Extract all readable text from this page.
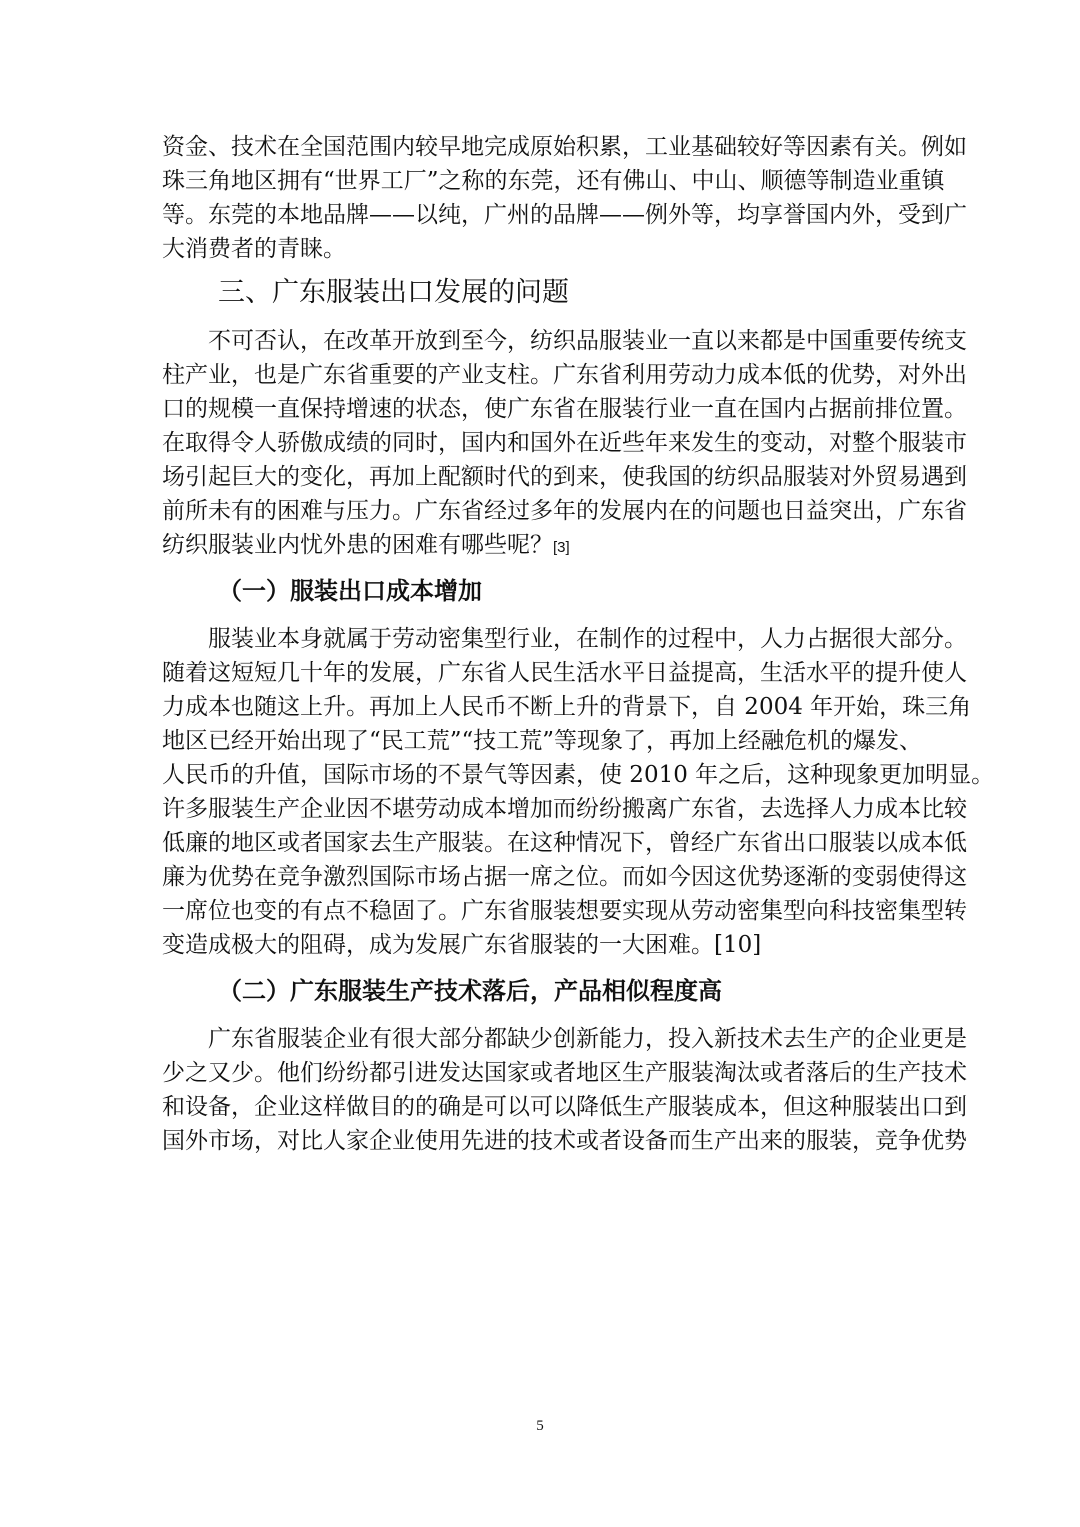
资金、技术在全国范围内较早地完成原始积累，工业基础较好等因素有关。例如
珠三角地区拥有“世界工厂”之称的东莞，还有佛山、中山、顺德等制造业重镇
等。东莞的本地品牌——以纯，广州的品牌——例外等，均享誉国内外，受到广
大消费者的青睐。
三、广东服装出口发展的问题
不可否认，在改革开放到至今，纺织品服装业一直以来都是中国重要传统支
柱产业，也是广东省重要的产业支柱。广东省利用劳动力成本低的优势，对外出
口的规模一直保持增速的状态，使广东省在服装行业一直在国内占据前排位置。
在取得令人骄傲成绩的同时，国内和国外在近些年来发生的变动，对整个服装市
场引起巨大的变化，再加上配额时代的到来，使我国的纺织品服装对外贸易遇到
前所未有的困难与压力。广东省经过多年的发展内在的问题也日益突出，广东省
纺织服装业内忧外患的困难有哪些呢？[3]
（一）服装出口成本增加
服装业本身就属于劳动密集型行业，在制作的过程中，人力占据很大部分。
随着这短短几十年的发展，广东省人民生活水平日益提高，生活水平的提升使人
力成本也随这上升。再加上人民币不断上升的背景下，自 2004 年开始，珠三角
地区已经开始出现了“民工荒”“技工荒”等现象了，再加上经融危机的爆发、
人民币的升值，国际市场的不景气等因素，使 2010 年之后，这种现象更加明显。
许多服装生产企业因不堪劳动成本增加而纷纷搬离广东省，去选择人力成本比较
低廉的地区或者国家去生产服装。在这种情况下，曾经广东省出口服装以成本低
廉为优势在竞争激烈国际市场占据一席之位。而如今因这优势逐渐的变弱使得这
一席位也变的有点不稳固了。广东省服装想要实现从劳动密集型向科技密集型转
变造成极大的阻碍，成为发展广东省服装的一大困难。[10]
（二）广东服装生产技术落后，产品相似程度高
广东省服装企业有很大部分都缺少创新能力，投入新技术去生产的企业更是
少之又少。他们纷纷都引进发达国家或者地区生产服装淘汰或者落后的生产技术
和设备，企业这样做目的的确是可以可以降低生产服装成本，但这种服装出口到
国外市场，对比人家企业使用先进的技术或者设备而生产出来的服装，竞争优势
5
